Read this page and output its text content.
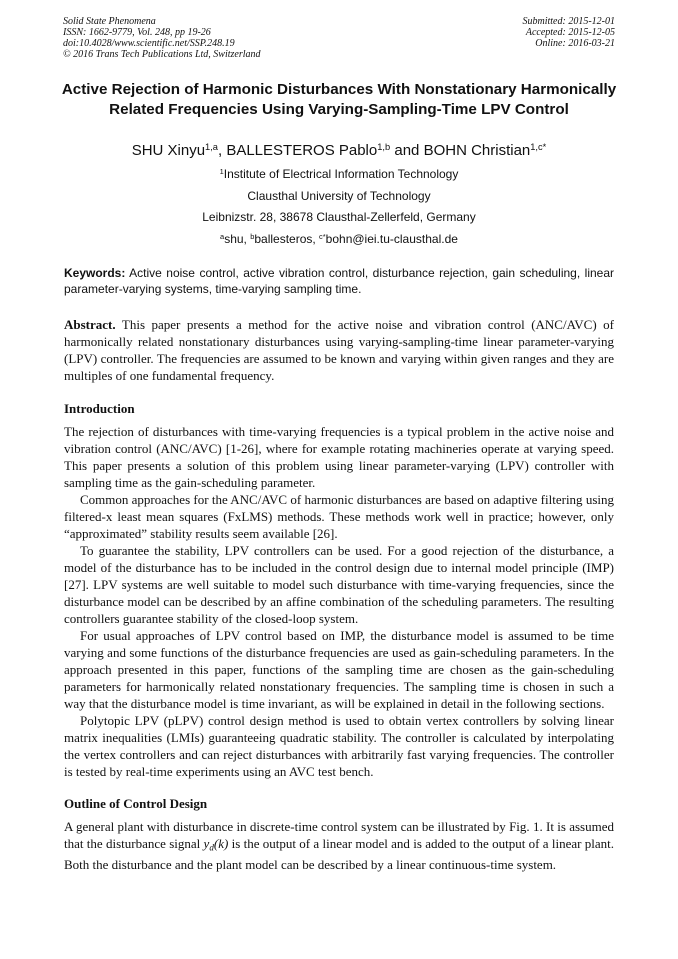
Solid State Phenomena
ISSN: 1662-9779, Vol. 248, pp 19-26
doi:10.4028/www.scientific.net/SSP.248.19
© 2016 Trans Tech Publications Ltd, Switzerland
Submitted: 2015-12-01
Accepted: 2015-12-05
Online: 2016-03-21
Active Rejection of Harmonic Disturbances With Nonstationary Harmonically Related Frequencies Using Varying-Sampling-Time LPV Control
SHU Xinyu$^{1,a}$, BALLESTEROS Pablo$^{1,b}$ and BOHN Christian$^{1,c*}$
$^1$Institute of Electrical Information Technology
Clausthal University of Technology
Leibnizstr. 28, 38678 Clausthal-Zellerfeld, Germany
$^a$shu, $^b$ballesteros, $^{c*}$bohn@iei.tu-clausthal.de
Keywords: Active noise control, active vibration control, disturbance rejection, gain scheduling, linear parameter-varying systems, time-varying sampling time.
Abstract. This paper presents a method for the active noise and vibration control (ANC/AVC) of harmonically related nonstationary disturbances using varying-sampling-time linear parameter-varying (LPV) controller. The frequencies are assumed to be known and varying within given ranges and they are multiples of one fundamental frequency.
Introduction

The rejection of disturbances with time-varying frequencies is a typical problem in the active noise and vibration control (ANC/AVC) [1-26], where for example rotating machineries operate at varying speed. This paper presents a solution of this problem using linear parameter-varying (LPV) controller with sampling time as the gain-scheduling parameter.

Common approaches for the ANC/AVC of harmonic disturbances are based on adaptive filtering using filtered-x least mean squares (FxLMS) methods. These methods work well in practice; however, only “approximated” stability results seem available [26].

To guarantee the stability, LPV controllers can be used. For a good rejection of the disturbance, a model of the disturbance has to be included in the control design due to internal model principle (IMP) [27]. LPV systems are well suitable to model such disturbance with time-varying frequencies, since the disturbance model can be described by an affine combination of the scheduling parameters. The resulting controllers guarantee stability of the closed-loop system.

For usual approaches of LPV control based on IMP, the disturbance model is assumed to be time varying and some functions of the disturbance frequencies are used as gain-scheduling parameters. In the approach presented in this paper, functions of the sampling time are chosen as the gain-scheduling parameters for harmonically related nonstationary frequencies. The sampling time is chosen in such a way that the disturbance model is time invariant, as will be explained in detail in the following sections.

Polytopic LPV (pLPV) control design method is used to obtain vertex controllers by solving linear matrix inequalities (LMIs) guaranteeing quadratic stability. The controller is calculated by interpolating the vertex controllers and can reject disturbances with arbitrarily fast varying frequencies. The controller is tested by real-time experiments using an AVC test bench.

Outline of Control Design

A general plant with disturbance in discrete-time control system can be illustrated by Fig. 1. It is assumed that the disturbance signal $y_d(k)$ is the output of a linear model and is added to the output of a linear plant. Both the disturbance and the plant model can be described by a linear continuous-time system.
